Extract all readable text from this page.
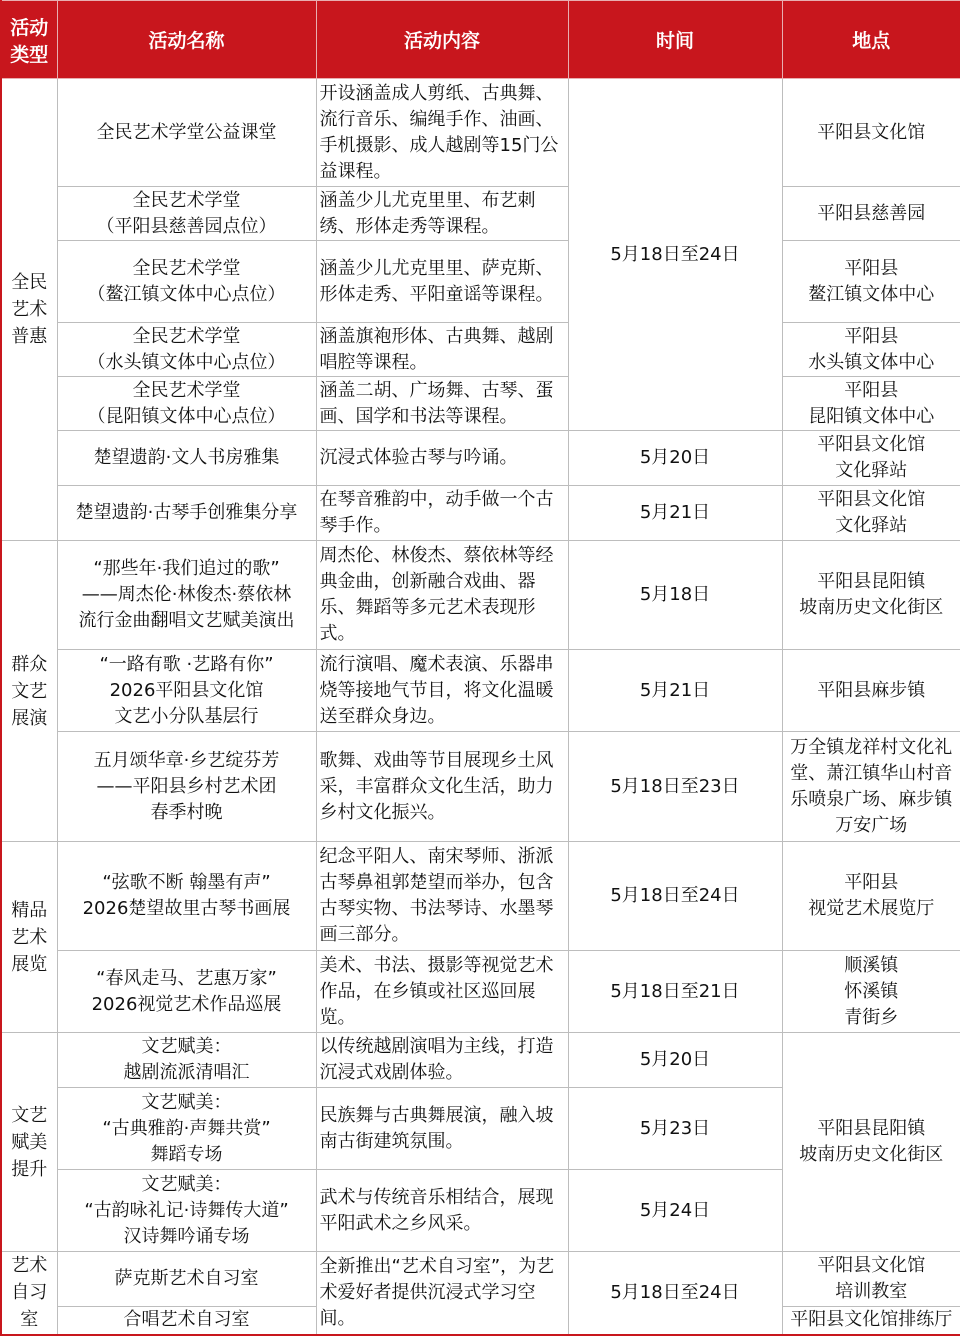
活动
类型	活动名称	活动内容	时间	地点

全民
艺术
普惠	全民艺术学堂公益课堂	开设涵盖成人剪纸、古典舞、流行音乐、编绳手作、油画、手机摄影、成人越剧等15门公益课程。	5月18日至24日	平阳县文化馆

	全民艺术学堂
（平阳县慈善园点位）	涵盖少儿尤克里里、布艺刺绣、形体走秀等课程。		平阳县慈善园

	全民艺术学堂
（鳌江镇文体中心点位）	涵盖少儿尤克里里、萨克斯、形体走秀、平阳童谣等课程。		平阳县
鳌江镇文体中心

	全民艺术学堂
（水头镇文体中心点位）	涵盖旗袍形体、古典舞、越剧唱腔等课程。		平阳县
水头镇文体中心

	全民艺术学堂
（昆阳镇文体中心点位）	涵盖二胡、广场舞、古琴、蛋画、国学和书法等课程。		平阳县
昆阳镇文体中心

	楚望遗韵·文人书房雅集	沉浸式体验古琴与吟诵。	5月20日	平阳县文化馆
文化驿站

	楚望遗韵·古琴手创雅集分享	在琴音雅韵中，动手做一个古琴手作。	5月21日	平阳县文化馆
文化驿站

群众
文艺
展演	“那些年·我们追过的歌”
——周杰伦·林俊杰·蔡依林
流行金曲翻唱文艺赋美演出	周杰伦、林俊杰、蔡依林等经典金曲，创新融合戏曲、器乐、舞蹈等多元艺术表现形式。	5月18日	平阳县昆阳镇
坡南历史文化街区

	“一路有歌 ·艺路有你”
2026平阳县文化馆
文艺小分队基层行	流行演唱、魔术表演、乐器串烧等接地气节目，将文化温暖送至群众身边。	5月21日	平阳县麻步镇

	五月颂华章·乡艺绽芬芳
——平阳县乡村艺术团
春季村晚	歌舞、戏曲等节目展现乡土风采，丰富群众文化生活，助力乡村文化振兴。	5月18日至23日	万全镇龙祥村文化礼堂、萧江镇华山村音乐喷泉广场、麻步镇万安广场

精品
艺术
展览	“弦歌不断 翰墨有声”
2026楚望故里古琴书画展	纪念平阳人、南宋琴师、浙派古琴鼻祖郭楚望而举办，包含古琴实物、书法琴诗、水墨琴画三部分。	5月18日至24日	平阳县
视觉艺术展览厅

	“春风走马、艺惠万家”
2026视觉艺术作品巡展	美术、书法、摄影等视觉艺术作品，在乡镇或社区巡回展览。	5月18日至21日	顺溪镇
怀溪镇
青街乡

文艺
赋美
提升	文艺赋美：
越剧流派清唱汇	以传统越剧演唱为主线，打造沉浸式戏剧体验。	5月20日	平阳县昆阳镇
坡南历史文化街区

	文艺赋美：
“古典雅韵·声舞共赏”
舞蹈专场	民族舞与古典舞展演，融入坡南古街建筑氛围。	5月23日	

	文艺赋美：
“古韵咏礼记·诗舞传大道”
汉诗舞吟诵专场	武术与传统音乐相结合，展现平阳武术之乡风采。	5月24日	

艺术
自习
室	萨克斯艺术自习室	全新推出“艺术自习室”，为艺术爱好者提供沉浸式学习空间。	5月18日至24日	平阳县文化馆
培训教室

	合唱艺术自习室			平阳县文化馆排练厅
